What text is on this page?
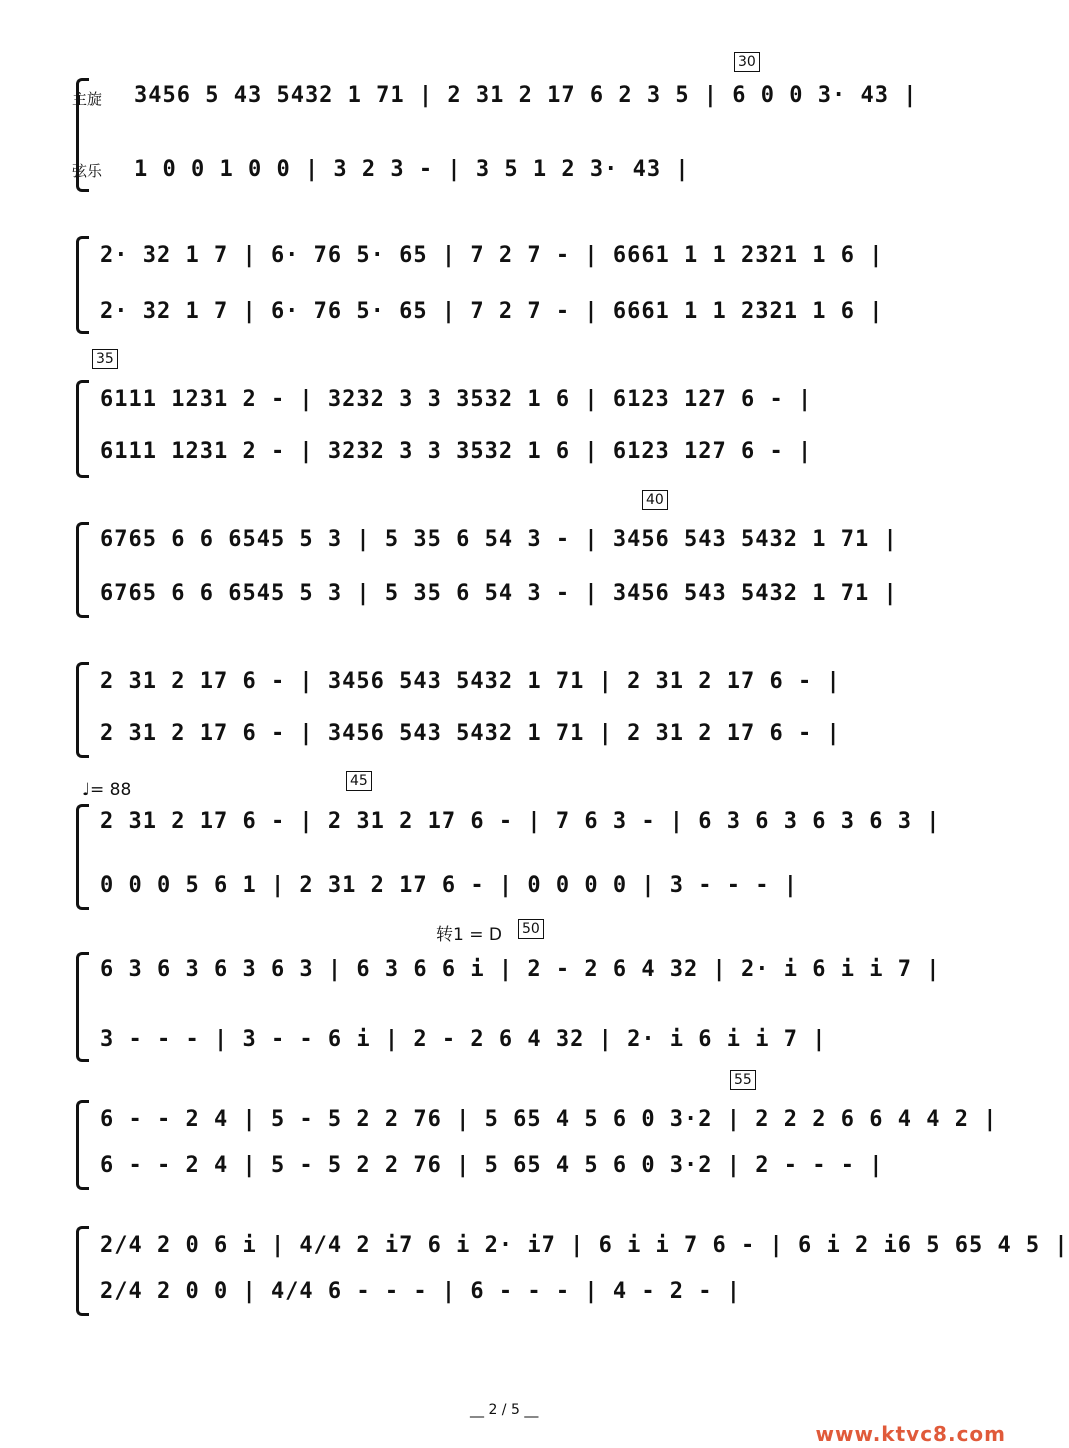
主旋
弦乐
30
35
40
45
50
55
♩= 88
转1 = D
3456 5 43 5432 1 71 | 2 31 2 17 6 2 3 5 | 6 0 0 3· 43 |
1 0 0 1 0 0 | 3 2 3 - | 3 5 1 2 3· 43 |
2· 32 1 7 | 6· 76 5· 65 | 7 2 7 - | 6661 1 1 2321 1 6 |
2· 32 1 7 | 6· 76 5· 65 | 7 2 7 - | 6661 1 1 2321 1 6 |
6111 1231 2 - | 3232 3 3 3532 1 6 | 6123 127 6 - |
6111 1231 2 - | 3232 3 3 3532 1 6 | 6123 127 6 - |
6765 6 6 6545 5 3 | 5 35 6 54 3 - | 3456 543 5432 1 71 |
6765 6 6 6545 5 3 | 5 35 6 54 3 - | 3456 543 5432 1 71 |
2 31 2 17 6 - | 3456 543 5432 1 71 | 2 31 2 17 6 - |
2 31 2 17 6 - | 3456 543 5432 1 71 | 2 31 2 17 6 - |
2 31 2 17 6 - | 2 31 2 17 6 - | 7 6 3 - | 6 3 6 3 6 3 6 3 |
0 0 0 5 6 1 | 2 31 2 17 6 - | 0 0 0 0 | 3 - - - |
6 3 6 3 6 3 6 3 | 6 3 6 6 i | 2 - 2 6 4 32 | 2· i 6 i i 7 |
3 - - - | 3 - - 6 i | 2 - 2 6 4 32 | 2· i 6 i i 7 |
6 - - 2 4 | 5 - 5 2 2 76 | 5 65 4 5 6 0 3·2 | 2 2 2 6 6 4 4 2 |
6 - - 2 4 | 5 - 5 2 2 76 | 5 65 4 5 6 0 3·2 | 2 - - - |
2/4 2 0 6 i | 4/4 2 i7 6 i 2· i7 | 6 i i 7 6 - | 6 i 2 i6 5 65 4 5 |
2/4 2 0 0 | 4/4 6 - - - | 6 - - - | 4 - 2 - |
__ 2 / 5 __
www.ktvc8.com
